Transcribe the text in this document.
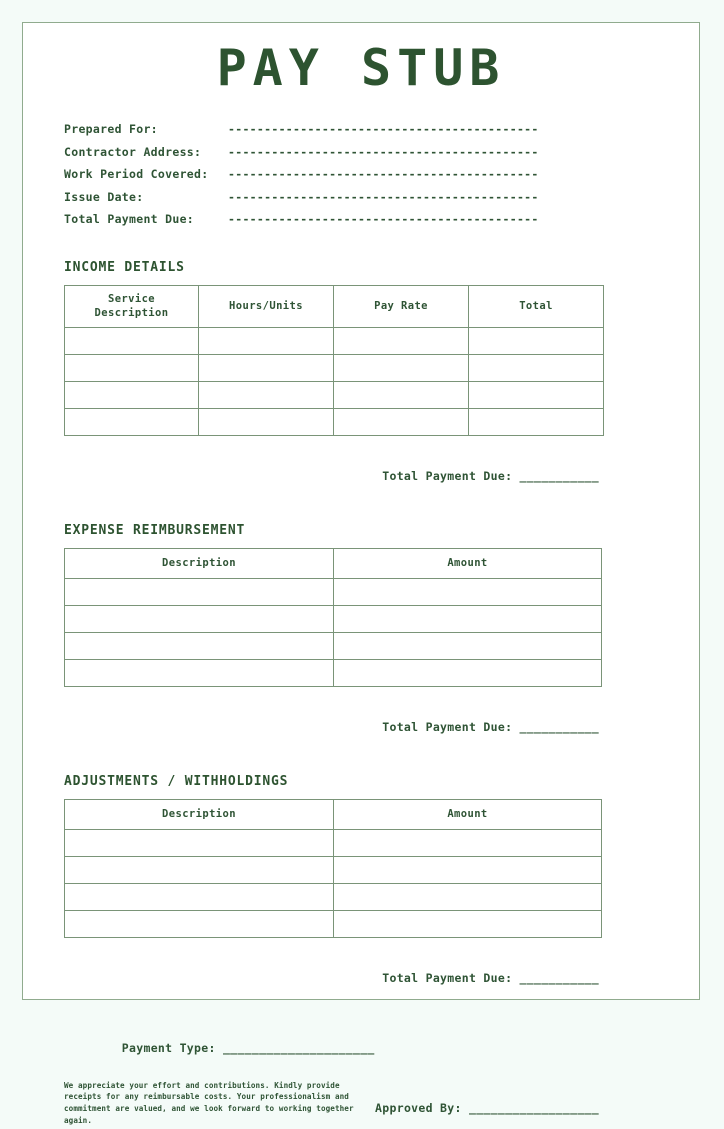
PAY STUB
Prepared For:	-------------------------------------------
Contractor Address:	-------------------------------------------
Work Period Covered:	-------------------------------------------
Issue Date:	-------------------------------------------
Total Payment Due:	-------------------------------------------
INCOME DETAILS
Service
Description	Hours/Units	Pay Rate	Total

Total Payment Due: ___________

EXPENSE REIMBURSEMENT
Description	Amount

Total Payment Due: ___________

ADJUSTMENTS / WITHHOLDINGS
Description	Amount

Total Payment Due: ___________

Payment Type: _____________________

We appreciate your effort and contributions. Kindly provide receipts for any reimbursable costs. Your professionalism and commitment are valued, and we look forward to working together again.

Approved By: __________________
